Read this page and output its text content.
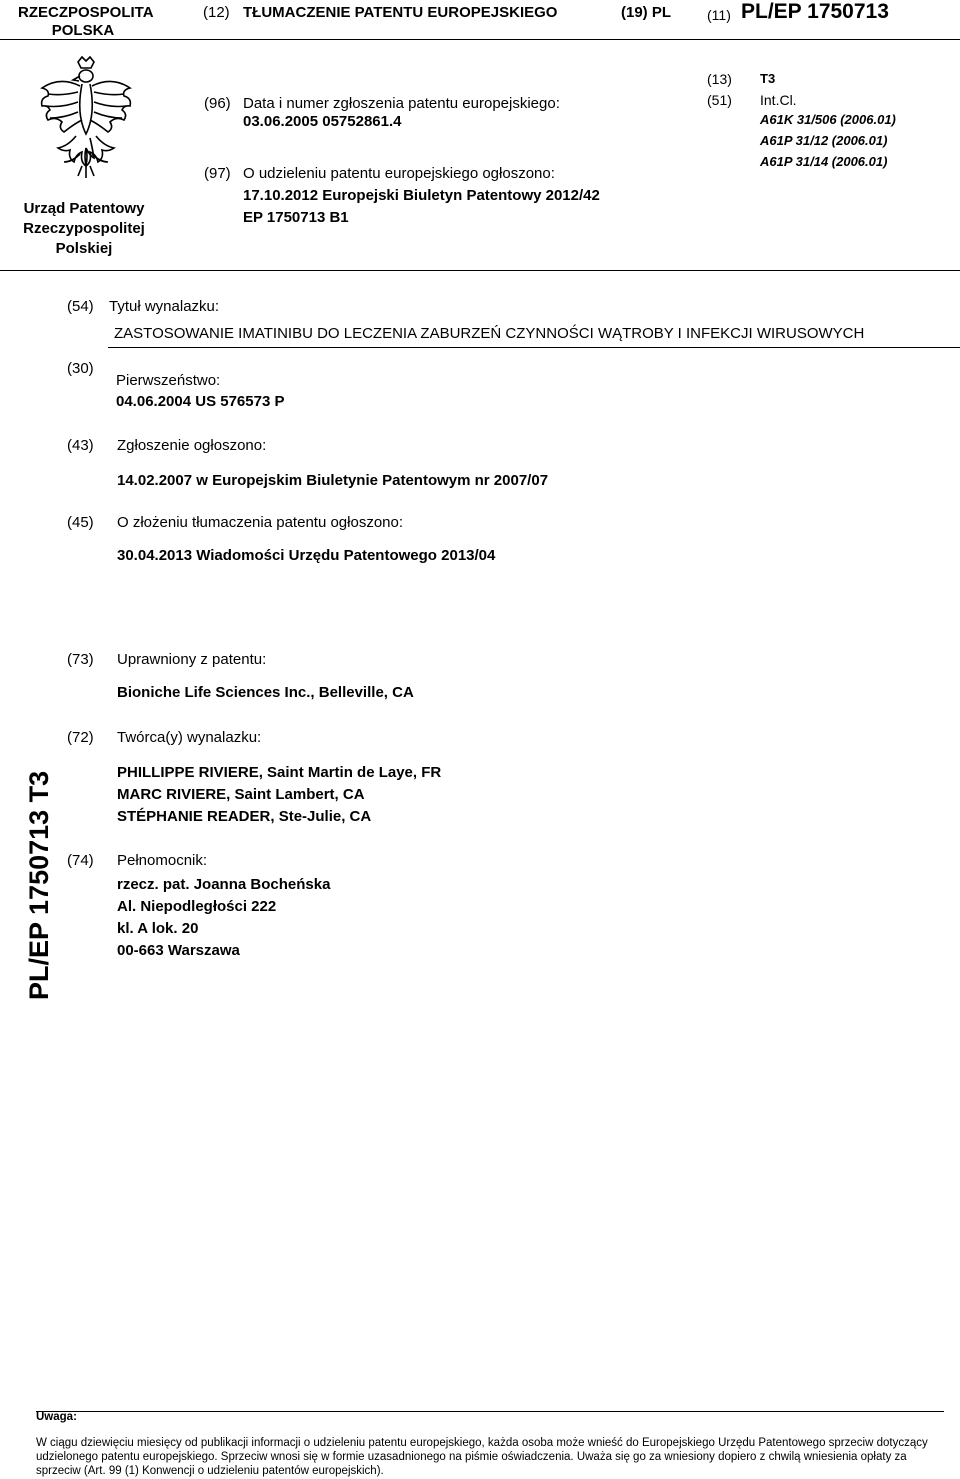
RZECZPOSPOLITA
POLSKA
(12) TŁUMACZENIE PATENTU EUROPEJSKIEGO	(19) PL	(11) PL/EP 1750713
Urząd Patentowy
Rzeczypospolitej
Polskiej
(96) Data i numer zgłoszenia patentu europejskiego:
03.06.2005 05752861.4
(97) O udzieleniu patentu europejskiego ogłoszono:
17.10.2012 Europejski Biuletyn Patentowy 2012/42
EP 1750713 B1
(13) T3
(51) Int.Cl.
A61K 31/506 (2006.01)
A61P 31/12 (2006.01)
A61P 31/14 (2006.01)
(54) Tytuł wynalazku:
ZASTOSOWANIE IMATINIBU DO LECZENIA ZABURZEŃ CZYNNOŚCI WĄTROBY I INFEKCJI WIRUSOWYCH
(30)
Pierwszeństwo:
04.06.2004 US 576573 P
(43) Zgłoszenie ogłoszono:
14.02.2007 w Europejskim Biuletynie Patentowym nr 2007/07
(45) O złożeniu tłumaczenia patentu ogłoszono:
30.04.2013 Wiadomości Urzędu Patentowego 2013/04
(73) Uprawniony z patentu:
Bioniche Life Sciences Inc., Belleville, CA
(72) Twórca(y) wynalazku:
PHILLIPPE RIVIERE, Saint Martin de Laye, FR
MARC RIVIERE, Saint Lambert, CA
STÉPHANIE READER, Ste-Julie, CA
(74) Pełnomocnik:
rzecz. pat. Joanna Bocheńska
Al. Niepodległości 222
kl. A lok. 20
00-663 Warszawa
PL/EP 1750713 T3
Uwaga:
W ciągu dziewięciu miesięcy od publikacji informacji o udzieleniu patentu europejskiego, każda osoba może wnieść do Europejskiego Urzędu Patentowego sprzeciw dotyczący udzielonego patentu europejskiego. Sprzeciw wnosi się w formie uzasadnionego na piśmie oświadczenia. Uważa się go za wniesiony dopiero z chwilą wniesienia opłaty za sprzeciw (Art. 99 (1) Konwencji o udzieleniu patentów europejskich).
